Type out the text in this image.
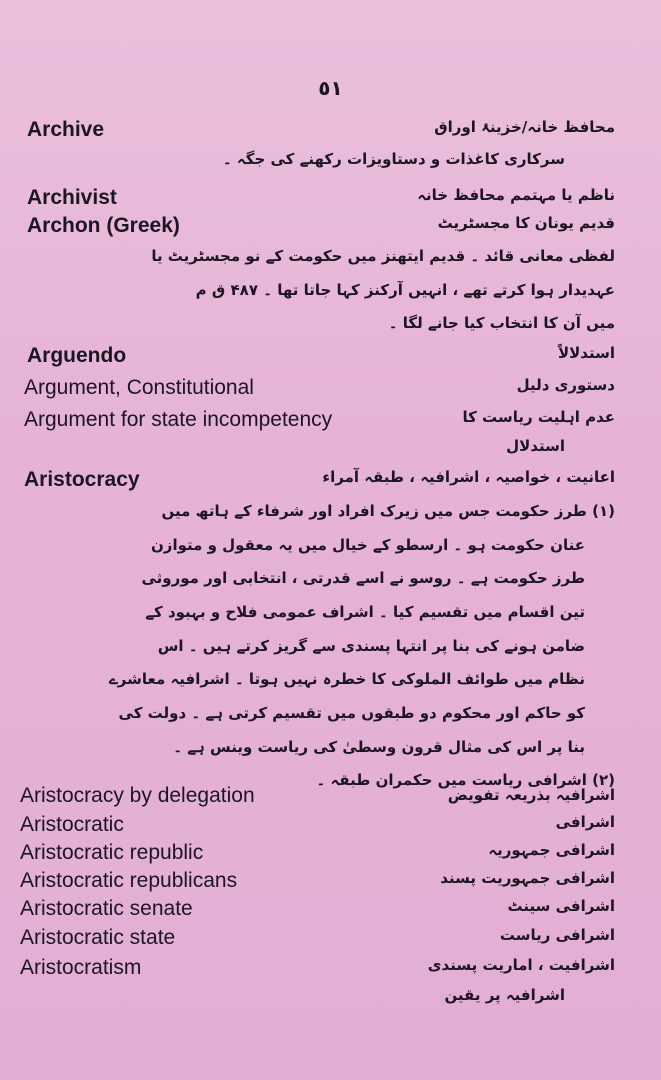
٥١
Archive	محافظ خانہ/خزینۂ اوراق
سرکاری کاغذات و دستاویزات رکھنے کی جگہ ۔
Archivist	ناظم یا مہتمم محافظ خانہ
Archon (Greek)	قدیم یونان کا مجسٹریٹ
لفظی معانی قائد ۔ قدیم ایتھنز میں حکومت کے نو مجسٹریٹ یا
عہدیدار ہوا کرتے تھے ، انہیں آرکنز کہا جاتا تھا ۔ ۴۸۷ ق م
میں آن کا انتخاب کیا جانے لگا ۔
Arguendo	استدلالاً
Argument, Constitutional	دستوری دلیل
Argument for state incompetency	عدم اہلیت ریاست کا
استدلال
Aristocracy	اعانیت ، خواصیہ ، اشرافیہ ، طبقہ آمراء
(۱) طرز حکومت جس میں زیرک افراد اور شرفاء کے ہاتھ میں
عنان حکومت ہو ۔ ارسطو کے خیال میں یہ معقول و متوازن
طرز حکومت ہے ۔ روسو نے اسے قدرتی ، انتخابی اور موروثی
تین اقسام میں تقسیم کیا ۔ اشراف عمومی فلاح و بہبود کے
ضامن ہونے کی بنا پر انتہا پسندی سے گریز کرتے ہیں ۔ اس
نظام میں طوائف الملوکی کا خطرہ نہیں ہوتا ۔ اشرافیہ معاشرے
کو حاکم اور محکوم دو طبقوں میں تقسیم کرتی ہے ۔ دولت کی
بنا پر اس کی مثال قرون وسطیٰ کی ریاست وینس ہے ۔
(۲) اشرافی ریاست میں حکمران طبقہ ۔
Aristocracy by delegation	اشرافیہ بذریعہ تفویض
Aristocratic	اشرافی
Aristocratic republic	اشرافی جمہوریہ
Aristocratic republicans	اشرافی جمہوریت پسند
Aristocratic senate	اشرافی سینٹ
Aristocratic state	اشرافی ریاست
Aristocratism	اشرافیت ، اماریت پسندی
اشرافیہ پر یقین
